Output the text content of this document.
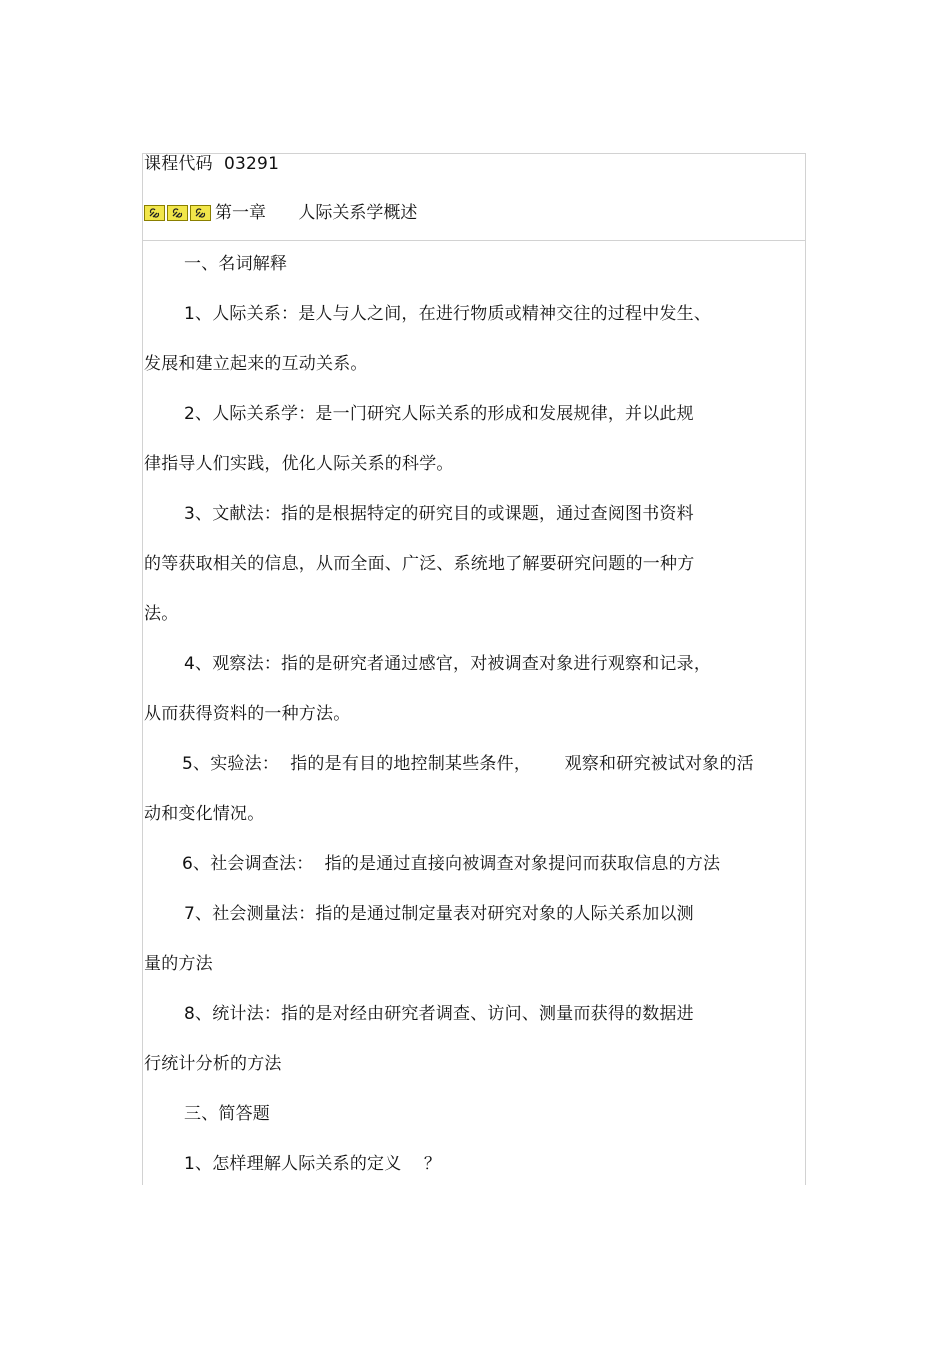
课程代码  03291
第一章      人际关系学概述
一、名词解释
1、人际关系：是人与人之间，在进行物质或精神交往的过程中发生、
发展和建立起来的互动关系。
2、人际关系学：是一门研究人际关系的形成和发展规律，并以此规
律指导人们实践，优化人际关系的科学。
3、文献法：指的是根据特定的研究目的或课题，通过查阅图书资料
的等获取相关的信息，从而全面、广泛、系统地了解要研究问题的一种方
法。
4、观察法：指的是研究者通过感官，对被调查对象进行观察和记录，
从而获得资料的一种方法。
5、实验法：  指的是有目的地控制某些条件，      观察和研究被试对象的活
动和变化情况。
6、社会调查法：  指的是通过直接向被调查对象提问而获取信息的方法
7、社会测量法：指的是通过制定量表对研究对象的人际关系加以测
量的方法
8、统计法：指的是对经由研究者调查、访问、测量而获得的数据进
行统计分析的方法
三、简答题
1、怎样理解人际关系的定义    ？
